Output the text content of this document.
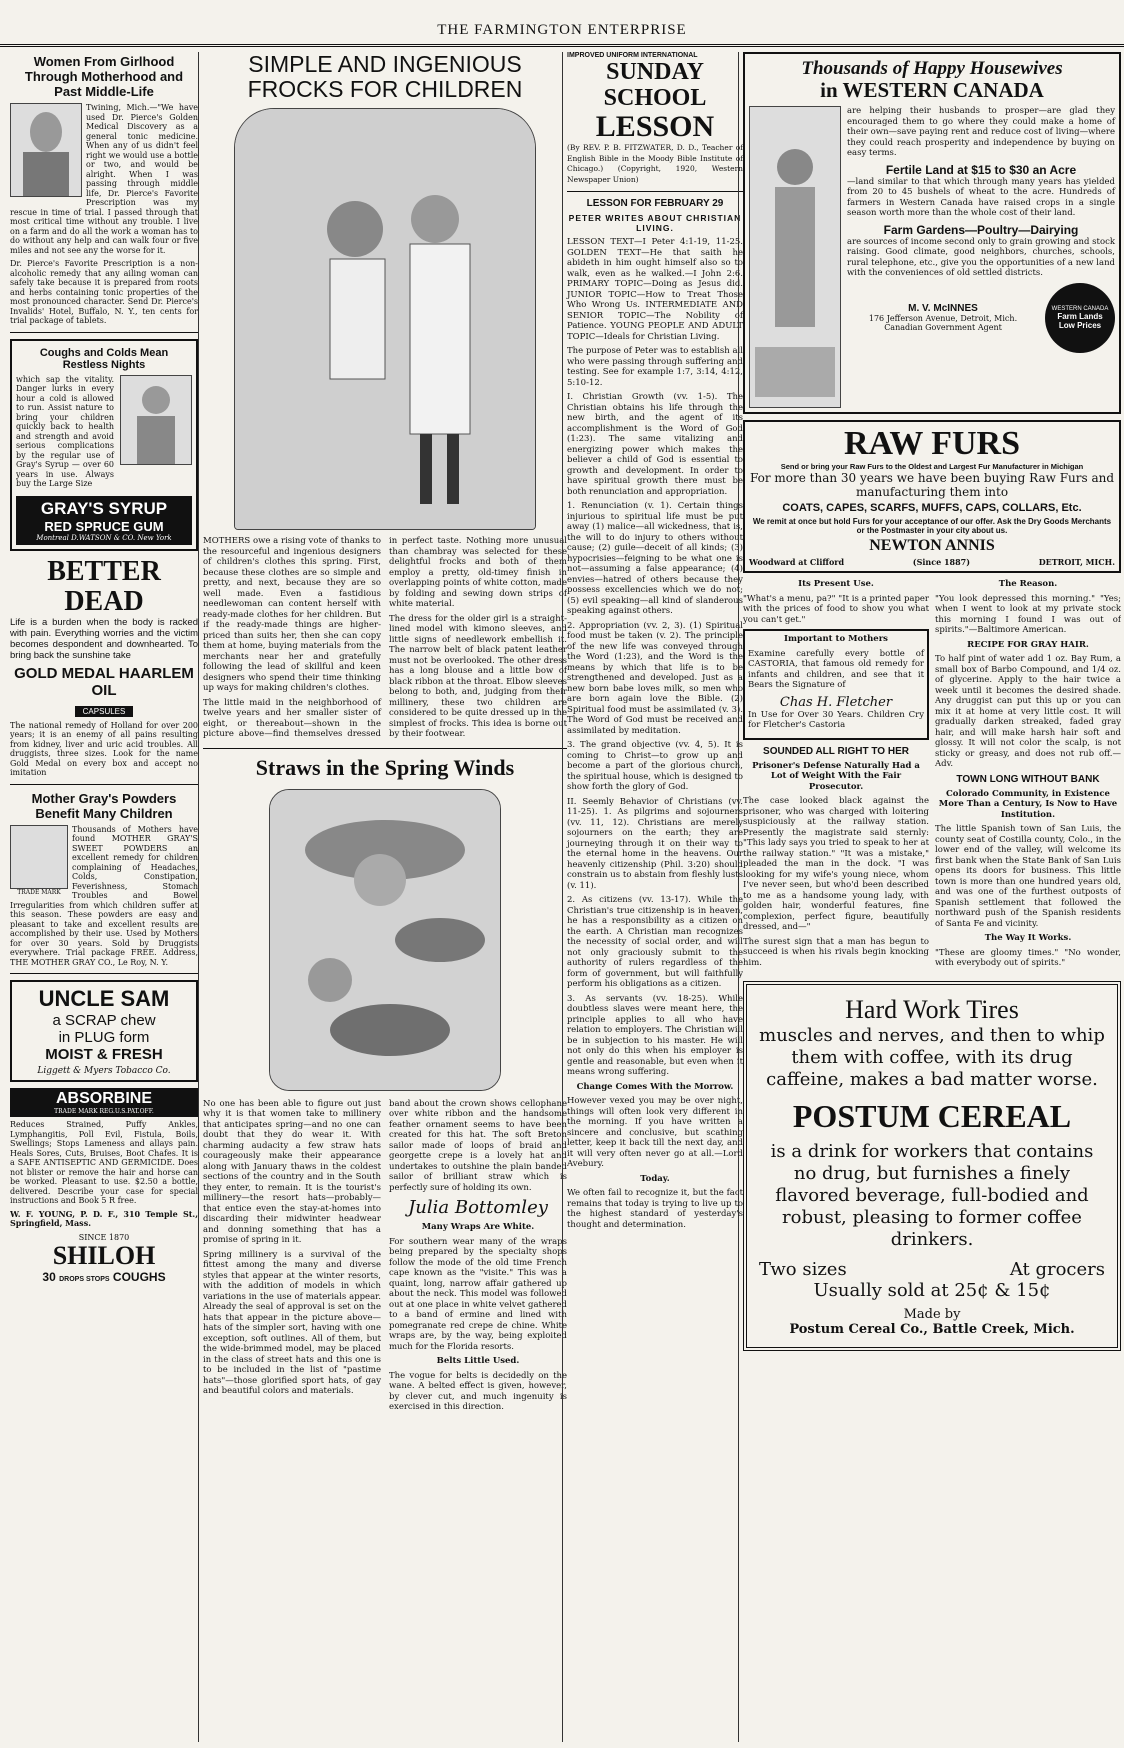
THE FARMINGTON ENTERPRISE
Women From Girlhood Through Motherhood and Past Middle-Life

Twining, Mich.—"We have used Dr. Pierce's Golden Medical Discovery as a general tonic medicine. When any of us didn't feel right we would use a bottle or two, and would be alright. When I was passing through middle life, Dr. Pierce's Favorite Prescription was my rescue in time of trial. I passed through that most critical time without any trouble. I live on a farm and do all the work a woman has to do without any help and can walk four or five miles and not see any the worse for it.

Dr. Pierce's Favorite Prescription is a non-alcoholic remedy that any ailing woman can safely take because it is prepared from roots and herbs containing tonic properties of the most pronounced character. Send Dr. Pierce's Invalids' Hotel, Buffalo, N. Y., ten cents for trial package of tablets.

Coughs and Colds Mean Restless Nights

which sap the vitality. Danger lurks in every hour a cold is allowed to run. Assist nature to bring your children quickly back to health and strength and avoid serious complications by the regular use of Gray's Syrup — over 60 years in use. Always buy the Large Size

GRAY'S SYRUP
RED SPRUCE GUM
Montreal D.WATSON & CO. New York
BETTER DEAD

Life is a burden when the body is racked with pain. Everything worries and the victim becomes despondent and downhearted. To bring back the sunshine take

GOLD MEDAL HAARLEM OIL
CAPSULES

The national remedy of Holland for over 200 years; it is an enemy of all pains resulting from kidney, liver and uric acid troubles. All druggists, three sizes. Look for the name Gold Medal on every box and accept no imitation

Mother Gray's Powders Benefit Many Children
TRADE MARK

Thousands of Mothers have found MOTHER GRAY'S SWEET POWDERS an excellent remedy for children complaining of Headaches, Colds, Constipation, Feverishness, Stomach Troubles and Bowel Irregularities from which children suffer at this season. These powders are easy and pleasant to take and excellent results are accomplished by their use. Used by Mothers for over 30 years. Sold by Druggists everywhere. Trial package FREE. Address, THE MOTHER GRAY CO., Le Roy, N. Y.

UNCLE SAM
a SCRAP chew
in PLUG form
MOIST & FRESH
Liggett & Myers Tobacco Co.
ABSORBINE
TRADE MARK REG.U.S.PAT.OFF.

Reduces Strained, Puffy Ankles, Lymphangitis, Poll Evil, Fistula, Boils, Swellings; Stops Lameness and allays pain. Heals Sores, Cuts, Bruises, Boot Chafes. It is a SAFE ANTISEPTIC AND GERMICIDE. Does not blister or remove the hair and horse can be worked. Pleasant to use. $2.50 a bottle, delivered. Describe your case for special instructions and Book 5 R free.

W. F. YOUNG, P. D. F., 310 Temple St., Springfield, Mass.

SINCE 1870
SHILOH
30 DROPS STOPS COUGHS
SIMPLE AND INGENIOUS
FROCKS FOR CHILDREN

MOTHERS owe a rising vote of thanks to the resourceful and ingenious designers of children's clothes this spring. First, because these clothes are so simple and pretty, and next, because they are so well made. Even a fastidious needlewoman can content herself with ready-made clothes for her children. But if the ready-made things are higher-priced than suits her, then she can copy them at home, buying materials from the merchants near her and gratefully following the lead of skillful and keen designers who spend their time thinking up ways for making children's clothes.

The little maid in the neighborhood of twelve years and her smaller sister of eight, or thereabout—shown in the picture above—find themselves dressed in perfect taste. Nothing more unusual than chambray was selected for these delightful frocks and both of them employ a pretty, old-timey finish in overlapping points of white cotton, made by folding and sewing down strips of white material.

The dress for the older girl is a straight-lined model with kimono sleeves, and little signs of needlework embellish it. The narrow belt of black patent leather must not be overlooked. The other dress has a long blouse and a little bow of black ribbon at the throat. Elbow sleeves belong to both, and, judging from their millinery, these two children are considered to be quite dressed up in the simplest of frocks. This idea is borne out by their footwear.

Straws in the Spring Winds

No one has been able to figure out just why it is that women take to millinery that anticipates spring—and no one can doubt that they do wear it. With charming audacity a few straw hats courageously make their appearance along with January thaws in the coldest sections of the country and in the South they enter, to remain. It is the tourist's millinery—the resort hats—probably—that entice even the stay-at-homes into discarding their midwinter headwear and donning something that has a promise of spring in it.

Spring millinery is a survival of the fittest among the many and diverse styles that appear at the winter resorts, with the addition of models in which variations in the use of materials appear. Already the seal of approval is set on the hats that appear in the picture above—hats of the simpler sort, having with one exception, soft outlines. All of them, but the wide-brimmed model, may be placed in the class of street hats and this one is to be included in the list of "pastime hats"—those glorified sport hats, of gay and beautiful colors and materials.

band about the crown shows cellophane over white ribbon and the handsome feather ornament seems to have been created for this hat. The soft Breton sailor made of loops of braid and georgette crepe is a lovely hat and undertakes to outshine the plain banded sailor of brilliant straw which is perfectly sure of holding its own.

Julia Bottomley

Many Wraps Are White.

For southern wear many of the wraps being prepared by the specialty shops follow the mode of the old time French cape known as the "visite." This was a quaint, long, narrow affair gathered up about the neck. This model was followed out at one place in white velvet gathered to a band of ermine and lined with pomegranate red crepe de chine. White wraps are, by the way, being exploited much for the Florida resorts.

Belts Little Used.

The vogue for belts is decidedly on the wane. A belted effect is given, however, by clever cut, and much ingenuity is exercised in this direction.

IMPROVED UNIFORM INTERNATIONAL
SUNDAY SCHOOL
LESSON

(By REV. P. B. FITZWATER, D. D., Teacher of English Bible in the Moody Bible Institute of Chicago.) (Copyright, 1920, Western Newspaper Union)

LESSON FOR FEBRUARY 29
PETER WRITES ABOUT CHRISTIAN LIVING.

LESSON TEXT—I Peter 4:1-19, 11-25. GOLDEN TEXT—He that saith he abideth in him ought himself also so to walk, even as he walked.—I John 2:6. PRIMARY TOPIC—Doing as Jesus did. JUNIOR TOPIC—How to Treat Those Who Wrong Us. INTERMEDIATE AND SENIOR TOPIC—The Nobility of Patience. YOUNG PEOPLE AND ADULT TOPIC—Ideals for Christian Living.

The purpose of Peter was to establish all who were passing through suffering and testing. See for example 1:7, 3:14, 4:12, 5:10-12.

I. Christian Growth (vv. 1-5). The Christian obtains his life through the new birth, and the agent of its accomplishment is the Word of God (1:23). The same vitalizing and energizing power which makes the believer a child of God is essential to growth and development. In order to have spiritual growth there must be both renunciation and appropriation.

1. Renunciation (v. 1). Certain things injurious to spiritual life must be put away (1) malice—all wickedness, that is, the will to do injury to others without cause; (2) guile—deceit of all kinds; (3) hypocrisies—feigning to be what one is not—assuming a false appearance; (4) envies—hatred of others because they possess excellencies which we do not; (5) evil speaking—all kind of slanderous speaking against others.

2. Appropriation (vv. 2, 3). (1) Spiritual food must be taken (v. 2). The principle of the new life was conveyed through the Word (1:23), and the Word is the means by which that life is to be strengthened and developed. Just as a new born babe loves milk, so men who are born again love the Bible. (2) Spiritual food must be assimilated (v. 3). The Word of God must be received and assimilated by meditation.

3. The grand objective (vv. 4, 5). It is coming to Christ—to grow up and become a part of the glorious church, the spiritual house, which is designed to show forth the glory of God.

II. Seemly Behavior of Christians (vv. 11-25). 1. As pilgrims and sojourners (vv. 11, 12). Christians are merely sojourners on the earth; they are journeying through it on their way to the eternal home in the heavens. Our heavenly citizenship (Phil. 3:20) should constrain us to abstain from fleshly lusts (v. 11).

2. As citizens (vv. 13-17). While the Christian's true citizenship is in heaven, he has a responsibility as a citizen on the earth. A Christian man recognizes the necessity of social order, and will not only graciously submit to the authority of rulers regardless of the form of government, but will faithfully perform his obligations as a citizen.

3. As servants (vv. 18-25). While doubtless slaves were meant here, the principle applies to all who have relation to employers. The Christian will be in subjection to his master. He will not only do this when his employer is gentle and reasonable, but even when it means wrong suffering.

Change Comes With the Morrow.

However vexed you may be over night, things will often look very different in the morning. If you have written a sincere and conclusive, but scathing letter, keep it back till the next day, and it will very often never go at all.—Lord Avebury.

Today.

We often fail to recognize it, but the fact remains that today is trying to live up to the highest standard of yesterday's thought and determination.

Thousands of Happy Housewives
in WESTERN CANADA

are helping their husbands to prosper—are glad they encouraged them to go where they could make a home of their own—save paying rent and reduce cost of living—where they could reach prosperity and independence by buying on easy terms.

Fertile Land at $15 to $30 an Acre

—land similar to that which through many years has yielded from 20 to 45 bushels of wheat to the acre. Hundreds of farmers in Western Canada have raised crops in a single season worth more than the whole cost of their land.

Farm Gardens—Poultry—Dairying

are sources of income second only to grain growing and stock raising. Good climate, good neighbors, churches, schools, rural telephone, etc., give you the opportunities of a new land with the conveniences of old settled districts.

M. V. McINNES
176 Jefferson Avenue, Detroit, Mich.
Canadian Government Agent
WESTERN CANADA
Farm Lands
Low Prices
RAW FURS
Send or bring your Raw Furs to the Oldest and Largest Fur Manufacturer in Michigan
For more than 30 years we have been buying Raw Furs and manufacturing them into
COATS, CAPES, SCARFS, MUFFS, CAPS, COLLARS, Etc.
We remit at once but hold Furs for your acceptance of our offer. Ask the Dry Goods Merchants or the Postmaster in your city about us.
NEWTON ANNIS
Woodward at Clifford	(Since 1887)	DETROIT, MICH.

Its Present Use.

"What's a menu, pa?" "It is a printed paper with the prices of food to show you what you can't get."

Important to Mothers

Examine carefully every bottle of CASTORIA, that famous old remedy for infants and children, and see that it Bears the Signature of

Chas H. Fletcher

In Use for Over 30 Years. Children Cry for Fletcher's Castoria

SOUNDED ALL RIGHT TO HER

Prisoner's Defense Naturally Had a Lot of Weight With the Fair Prosecutor.

The case looked black against the prisoner, who was charged with loitering suspiciously at the railway station. Presently the magistrate said sternly: "This lady says you tried to speak to her at the railway station." "It was a mistake," pleaded the man in the dock. "I was looking for my wife's young niece, whom I've never seen, but who'd been described to me as a handsome young lady, with golden hair, wonderful features, fine complexion, perfect figure, beautifully dressed, and—"

The surest sign that a man has begun to succeed is when his rivals begin knocking him.

The Reason.

"You look depressed this morning." "Yes; when I went to look at my private stock this morning I found I was out of spirits."—Baltimore American.

RECIPE FOR GRAY HAIR.

To half pint of water add 1 oz. Bay Rum, a small box of Barbo Compound, and 1/4 oz. of glycerine. Apply to the hair twice a week until it becomes the desired shade. Any druggist can put this up or you can mix it at home at very little cost. It will gradually darken streaked, faded gray hair, and will make harsh hair soft and glossy. It will not color the scalp, is not sticky or greasy, and does not rub off.—Adv.

TOWN LONG WITHOUT BANK

Colorado Community, in Existence More Than a Century, Is Now to Have Institution.

The little Spanish town of San Luis, the county seat of Costilla county, Colo., in the lower end of the valley, will welcome its first bank when the State Bank of San Luis opens its doors for business. This little town is more than one hundred years old, and was one of the furthest outposts of Spanish settlement that followed the northward push of the Spanish residents of Santa Fe and vicinity.

The Way It Works.

"These are gloomy times." "No wonder, with everybody out of spirits."

Hard Work Tires
muscles and nerves, and then to whip them with coffee, with its drug caffeine, makes a bad matter worse.
POSTUM CEREAL
is a drink for workers that contains no drug, but furnishes a finely flavored beverage, full-bodied and robust, pleasing to former coffee drinkers.
Two sizes	At grocers
Usually sold at 25¢ & 15¢
Made by
Postum Cereal Co., Battle Creek, Mich.
